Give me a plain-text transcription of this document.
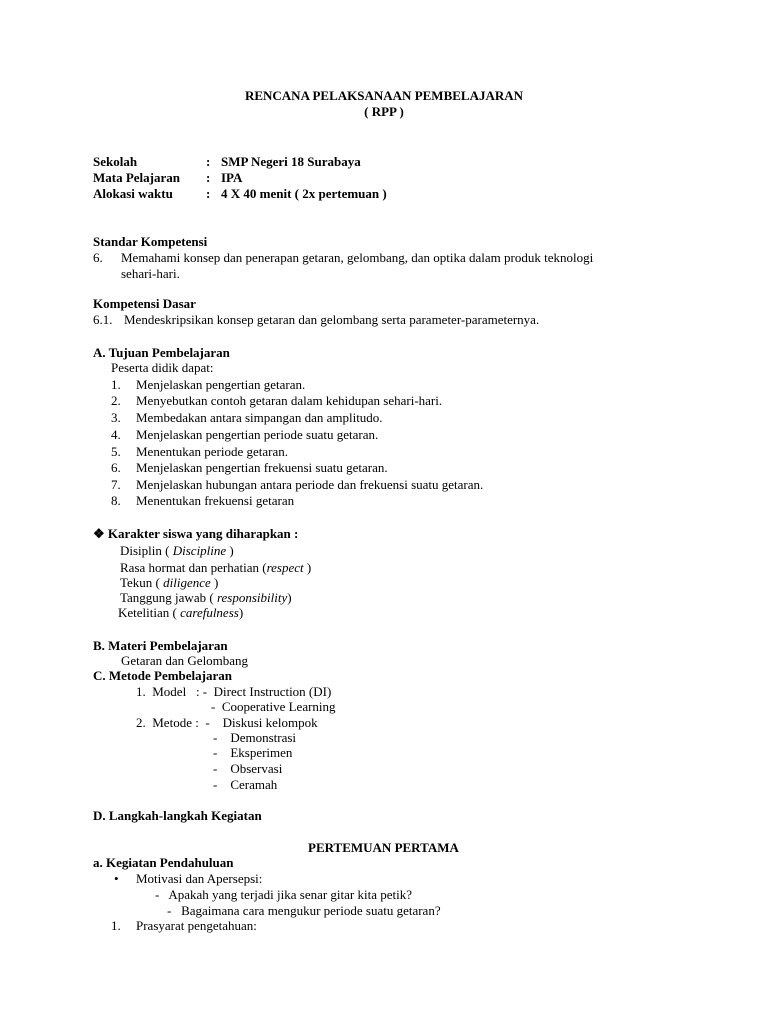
RENCANA PELAKSANAAN PEMBELAJARAN
( RPP )
Sekolah	: SMP Negeri 18 Surabaya
Mata Pelajaran : IPA
Alokasi waktu	: 4 X 40 menit ( 2x pertemuan )
Standar Kompetensi
6. Memahami konsep dan penerapan getaran, gelombang, dan optika dalam produk teknologi
sehari-hari.
Kompetensi Dasar
6.1. Mendeskripsikan konsep getaran dan gelombang serta parameter-parameternya.
A. Tujuan Pembelajaran
Peserta didik dapat:
1. Menjelaskan pengertian getaran.
2. Menyebutkan contoh getaran dalam kehidupan sehari-hari.
3. Membedakan antara simpangan dan amplitudo.
4. Menjelaskan pengertian periode suatu getaran.
5. Menentukan periode getaran.
6. Menjelaskan pengertian frekuensi suatu getaran.
7. Menjelaskan hubungan antara periode dan frekuensi suatu getaran.
8. Menentukan frekuensi getaran
❖ Karakter siswa yang diharapkan :
Disiplin ( Discipline )
Rasa hormat dan perhatian (respect )
Tekun ( diligence )
Tanggung jawab ( responsibility)
Ketelitian ( carefulness)
B. Materi Pembelajaran
Getaran dan Gelombang
C. Metode Pembelajaran
1.  Model   : -  Direct Instruction (DI)
-  Cooperative Learning
2.  Metode :  -    Diskusi kelompok
-    Demonstrasi
-    Eksperimen
-    Observasi
-    Ceramah
D. Langkah-langkah Kegiatan
PERTEMUAN PERTAMA
a. Kegiatan Pendahuluan
• Motivasi dan Apersepsi:
-   Apakah yang terjadi jika senar gitar kita petik?
-   Bagaimana cara mengukur periode suatu getaran?
1. Prasyarat pengetahuan:
